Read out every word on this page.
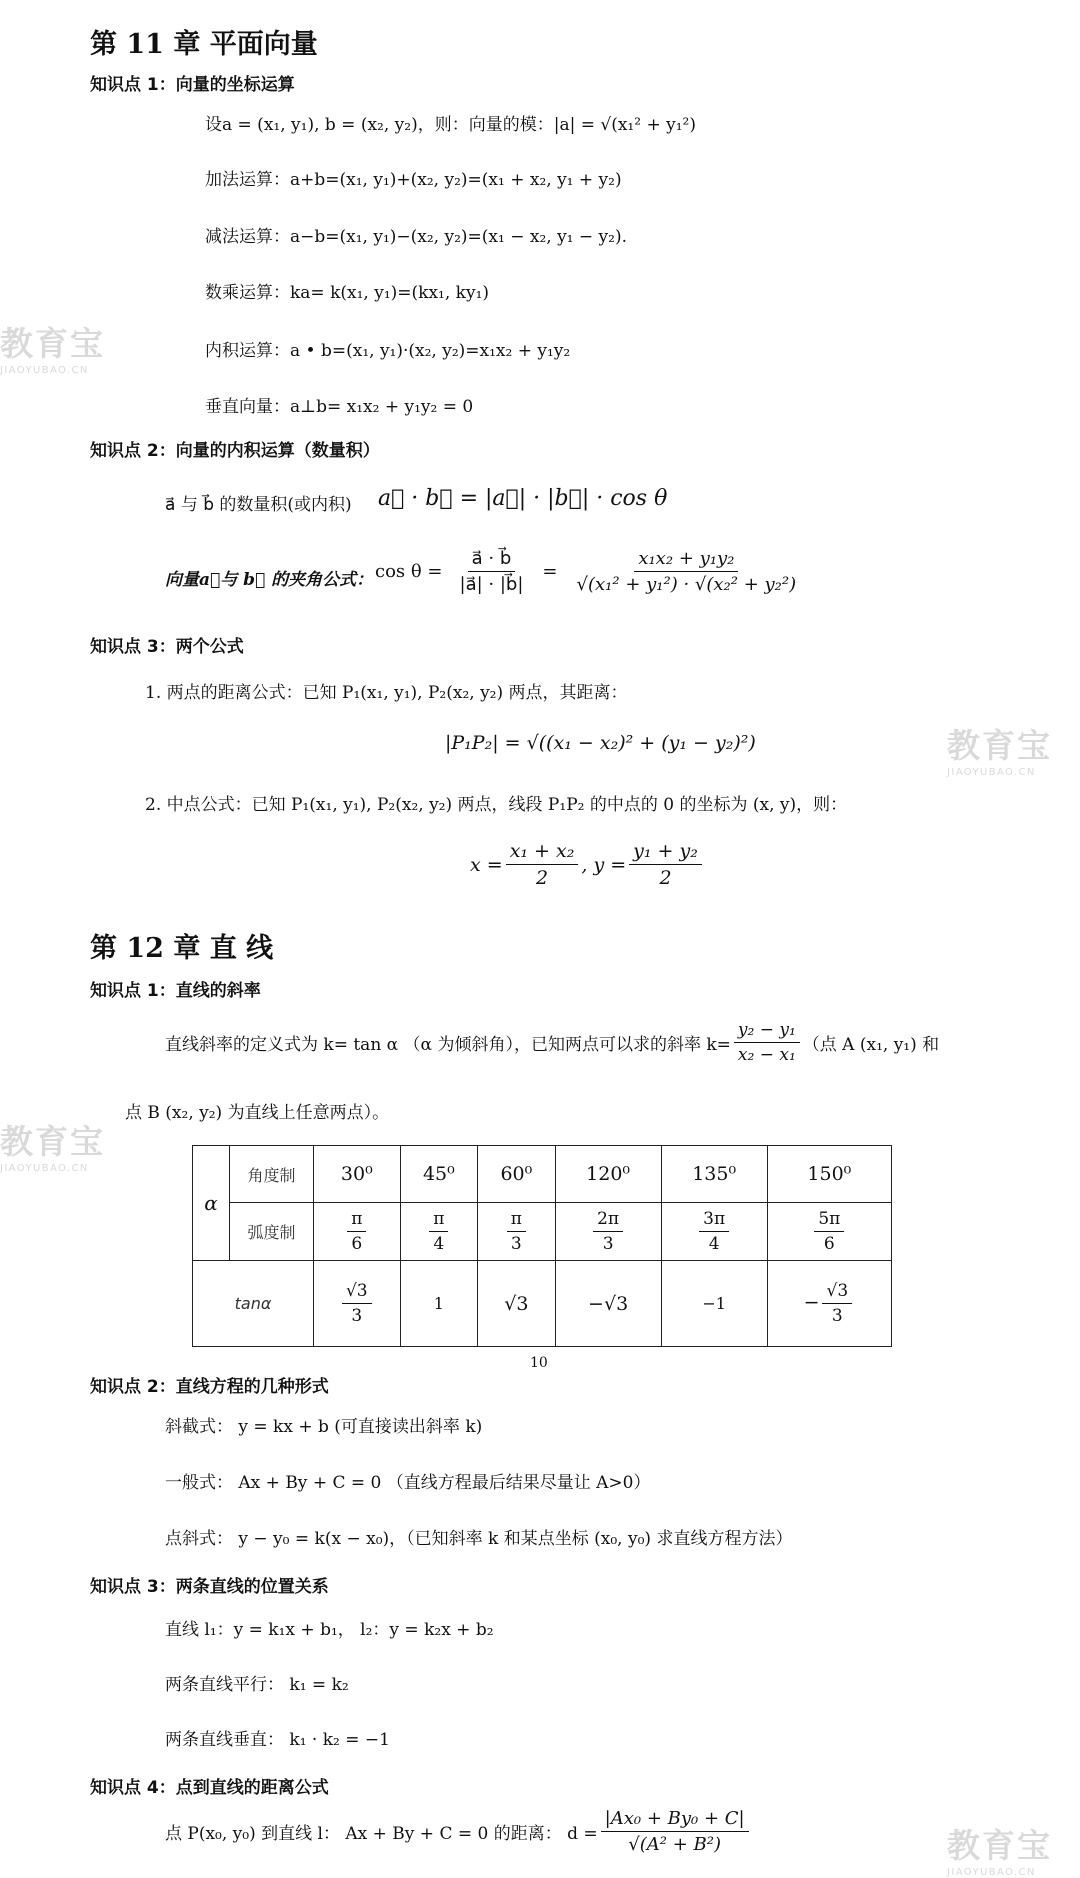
教育宝
JIAOYUBAO.CN
教育宝
JIAOYUBAO.CN
教育宝
JIAOYUBAO.CN
教育宝
JIAOYUBAO.CN
第 11 章 平面向量
知识点 1：向量的坐标运算
设a = (x₁, y₁), b = (x₂, y₂)，则：向量的模：|a| = √(x₁² + y₁²)
加法运算：a+b=(x₁, y₁)+(x₂, y₂)=(x₁ + x₂, y₁ + y₂)
减法运算：a−b=(x₁, y₁)−(x₂, y₂)=(x₁ − x₂, y₁ − y₂).
数乘运算：ka= k(x₁, y₁)=(kx₁, ky₁)
内积运算：a • b=(x₁, y₁)·(x₂, y₂)=x₁x₂ + y₁y₂
垂直向量：a⊥b= x₁x₂ + y₁y₂ = 0
知识点 2：向量的内积运算（数量积）
a⃗ 与 b⃗ 的数量积(或内积) a⃗ · b⃗ = |a⃗| · |b⃗| · cos θ
向量a⃗与 b⃗ 的夹角公式： $\cos \theta = \frac{a⃗ \cdot b⃗}{|a⃗| \cdot |b⃗|} = \frac{\text{x₁x₂ + y₁y₂}}{\text{√(x₁² + y₁²) · √(x₂² + y₂²)}}$
知识点 3：两个公式
1. 两点的距离公式：已知 P₁(x₁, y₁), P₂(x₂, y₂) 两点，其距离：
|P₁P₂| = √((x₁ − x₂)² + (y₁ − y₂)²)
2. 中点公式：已知 P₁(x₁, y₁), P₂(x₂, y₂) 两点，线段 P₁P₂ 的中点的 0 的坐标为 (x, y)，则：
$x = \frac{\text{x₁ + x₂}}{2}$ , $y = \frac{\text{y₁ + y₂}}{2}$
第 12 章 直 线
知识点 1：直线的斜率
直线斜率的定义式为 k= tan α （α 为倾斜角），已知两点可以求的斜率 $k= \frac{\text{y₂ − y₁}}{\text{x₂ − x₁}}$ （点 A (x₁, y₁) 和
点 B (x₂, y₂) 为直线上任意两点）。
α	角度制	30⁰	45⁰	60⁰	120⁰	135⁰	150⁰
	弧度制	$\frac{\pi}{6}$	$\frac{\pi}{4}$	$\frac{\pi}{3}$	$\frac{2\pi}{3}$	$\frac{3\pi}{4}$	$\frac{5\pi}{6}$

tanα		$\frac{√3}{3}$	1	√3	−√3	−1	− $\frac{√3}{3}$
10
知识点 2：直线方程的几种形式
斜截式： y = kx + b (可直接读出斜率 k)
一般式： Ax + By + C = 0 （直线方程最后结果尽量让 A>0）
点斜式： y − y₀ = k(x − x₀)，（已知斜率 k 和某点坐标 (x₀, y₀) 求直线方程方法）
知识点 3：两条直线的位置关系
直线 l₁：y = k₁x + b₁， l₂：y = k₂x + b₂
两条直线平行： k₁ = k₂
两条直线垂直： k₁ · k₂ = −1
知识点 4：点到直线的距离公式
点 P(x₀, y₀) 到直线 l： Ax + By + C = 0 的距离： $d = \frac{\text{|Ax₀ + By₀ + C|}}{\text{√(A² + B²)}}$
